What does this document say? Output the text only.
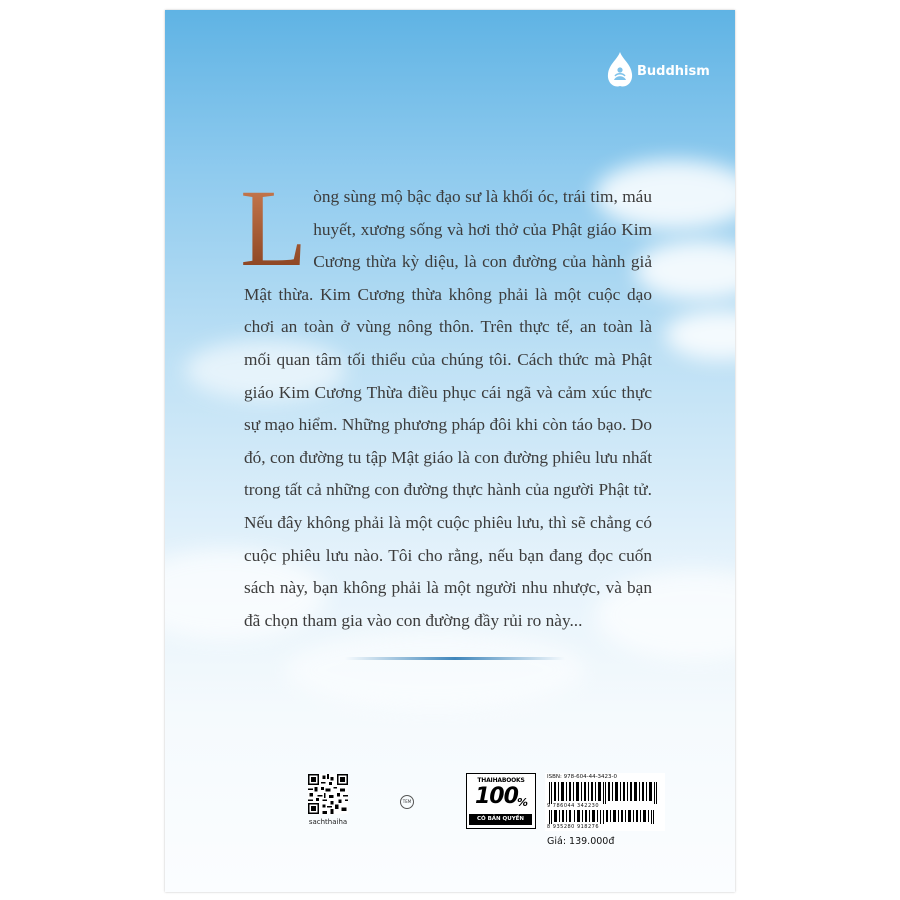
Buddhism

L òng sùng mộ bậc đạo sư là khối óc, trái tim, máu huyết, xương sống và hơi thở của Phật giáo Kim Cương thừa kỳ diệu, là con đường của hành giả Mật thừa. Kim Cương thừa không phải là một cuộc dạo chơi an toàn ở vùng nông thôn. Trên thực tế, an toàn là mối quan tâm tối thiểu của chúng tôi. Cách thức mà Phật giáo Kim Cương Thừa điều phục cái ngã và cảm xúc thực sự mạo hiểm. Những phương pháp đôi khi còn táo bạo. Do đó, con đường tu tập Mật giáo là con đường phiêu lưu nhất trong tất cả những con đường thực hành của người Phật tử. Nếu đây không phải là một cuộc phiêu lưu, thì sẽ chẳng có cuộc phiêu lưu nào. Tôi cho rằng, nếu bạn đang đọc cuốn sách này, bạn không phải là một người nhu nhược, và bạn đã chọn tham gia vào con đường đầy rủi ro này...

sachthaiha
TEM
THAIHABOOKS
100 %
CÓ BẢN QUYỀN
ISBN: 978-604-44-3423-0
9 786044 342230
8 935280 918276
Giá: 139.000đ
